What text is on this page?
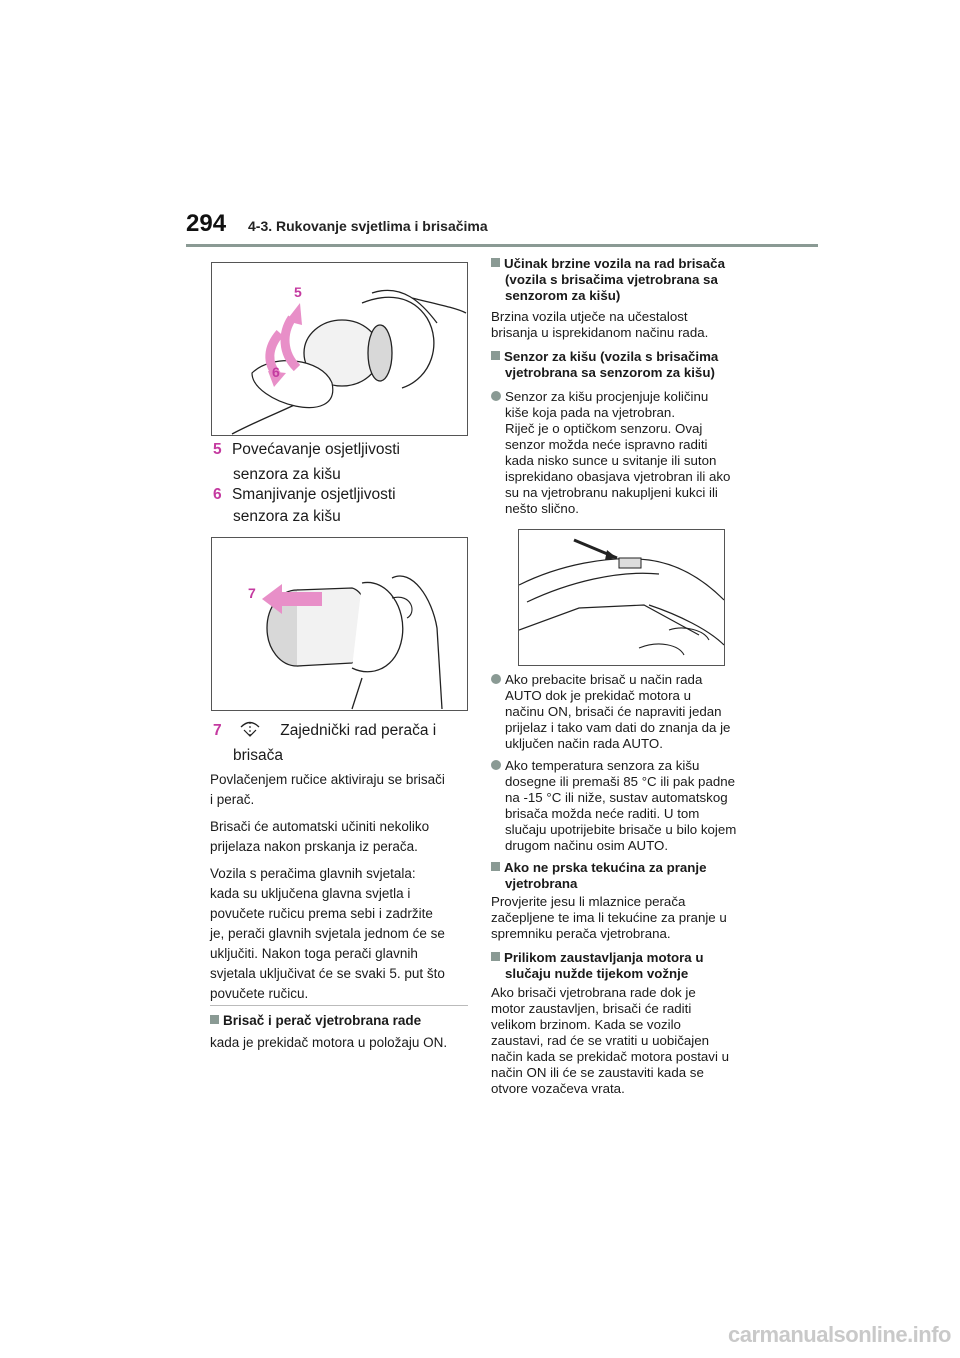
294 4-3. Rukovanje svjetlima i brisačima
5
6
5 Povećavanje osjetljivosti
senzora za kišu
6 Smanjivanje osjetljivosti
senzora za kišu
7
7	Zajednički rad perača i
brisača
Povlačenjem ručice aktiviraju se brisači
i perač.
Brisači će automatski učiniti nekoliko
prijelaza nakon prskanja iz perača.
Vozila s peračima glavnih svjetala:
kada su uključena glavna svjetla i
povučete ručicu prema sebi i zadržite
je, perači glavnih svjetala jednom će se
uključiti. Nakon toga perači glavnih
svjetala uključivat će se svaki 5. put što
povučete ručicu.
Brisač i perač vjetrobrana rade
kada je prekidač motora u položaju ON.
Učinak brzine vozila na rad brisača
(vozila s brisačima vjetrobrana sa
senzorom za kišu)
Brzina vozila utječe na učestalost
brisanja u isprekidanom načinu rada.
Senzor za kišu (vozila s brisačima
vjetrobrana sa senzorom za kišu)
Senzor za kišu procjenjuje količinu
kiše koja pada na vjetrobran.
Riječ je o optičkom senzoru. Ovaj
senzor možda neće ispravno raditi
kada nisko sunce u svitanje ili suton
isprekidano obasjava vjetrobran ili ako
su na vjetrobranu nakupljeni kukci ili
nešto slično.
Ako prebacite brisač u način rada
AUTO dok je prekidač motora u
načinu ON, brisači će napraviti jedan
prijelaz i tako vam dati do znanja da je
uključen način rada AUTO.
Ako temperatura senzora za kišu
dosegne ili premaši 85 °C ili pak padne
na -15 °C ili niže, sustav automatskog
brisača možda neće raditi. U tom
slučaju upotrijebite brisače u bilo kojem
drugom načinu osim AUTO.
Ako ne prska tekućina za pranje
vjetrobrana
Provjerite jesu li mlaznice perača
začepljene te ima li tekućine za pranje u
spremniku perača vjetrobrana.
Prilikom zaustavljanja motora u
slučaju nužde tijekom vožnje
Ako brisači vjetrobrana rade dok je
motor zaustavljen, brisači će raditi
velikom brzinom. Kada se vozilo
zaustavi, rad će se vratiti u uobičajen
način kada se prekidač motora postavi u
način ON ili će se zaustaviti kada se
otvore vozačeva vrata.
carmanualsonline.info
